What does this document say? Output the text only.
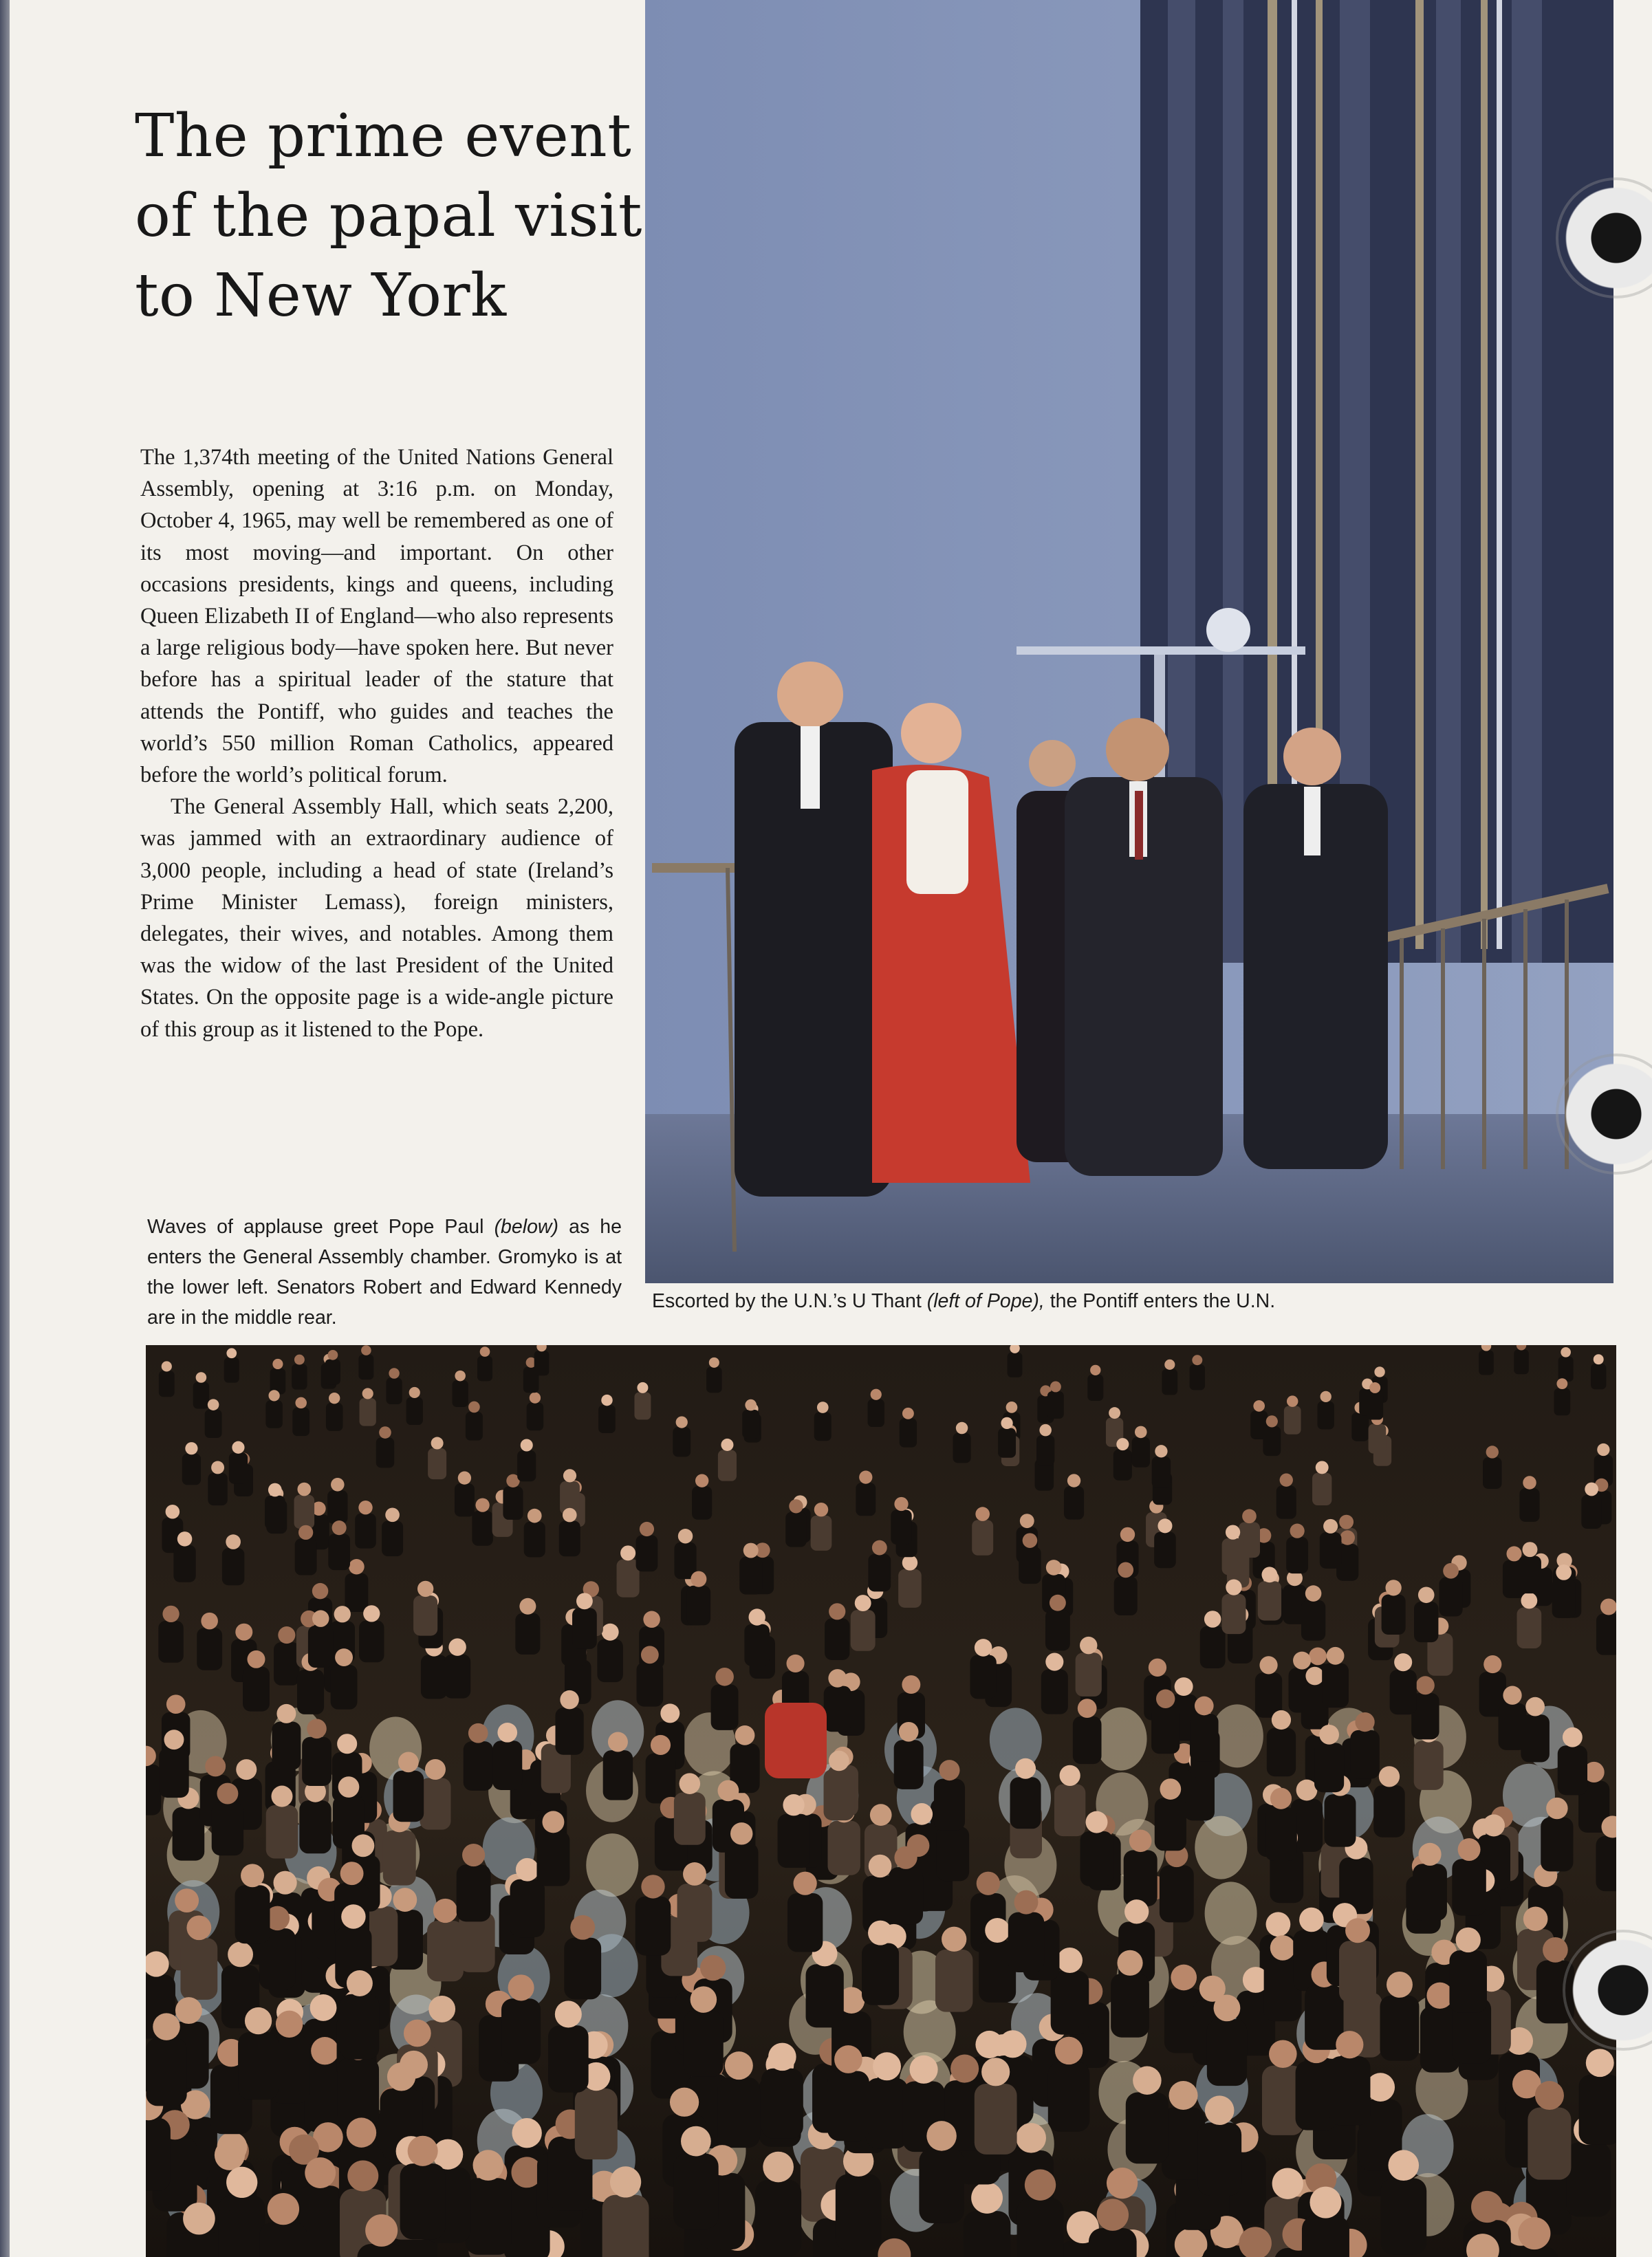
The prime event
of the papal visit
to New York

The 1,374th meeting of the United Nations General Assembly, opening at 3:16 p.m. on Monday, October 4, 1965, may well be remembered as one of its most moving—and important. On other occasions presidents, kings and queens, including Queen Elizabeth II of England—who also represents a large religious body—have spoken here. But never before has a spiritual leader of the stature that attends the Pontiff, who guides and teaches the world’s 550 million Roman Catholics, appeared before the world’s political forum.

The General Assembly Hall, which seats 2,200, was jammed with an extraordinary audience of 3,000 people, including a head of state (Ireland’s Prime Minister Lemass), foreign ministers, delegates, their wives, and notables. Among them was the widow of the last President of the United States. On the opposite page is a wide-angle picture of this group as it listened to the Pope.

Waves of applause greet Pope Paul (below) as he enters the General Assembly chamber. Gromyko is at the lower left. Senators Robert and Edward Kennedy are in the middle rear.
Escorted by the U.N.’s U Thant (left of Pope), the Pontiff enters the U.N.
